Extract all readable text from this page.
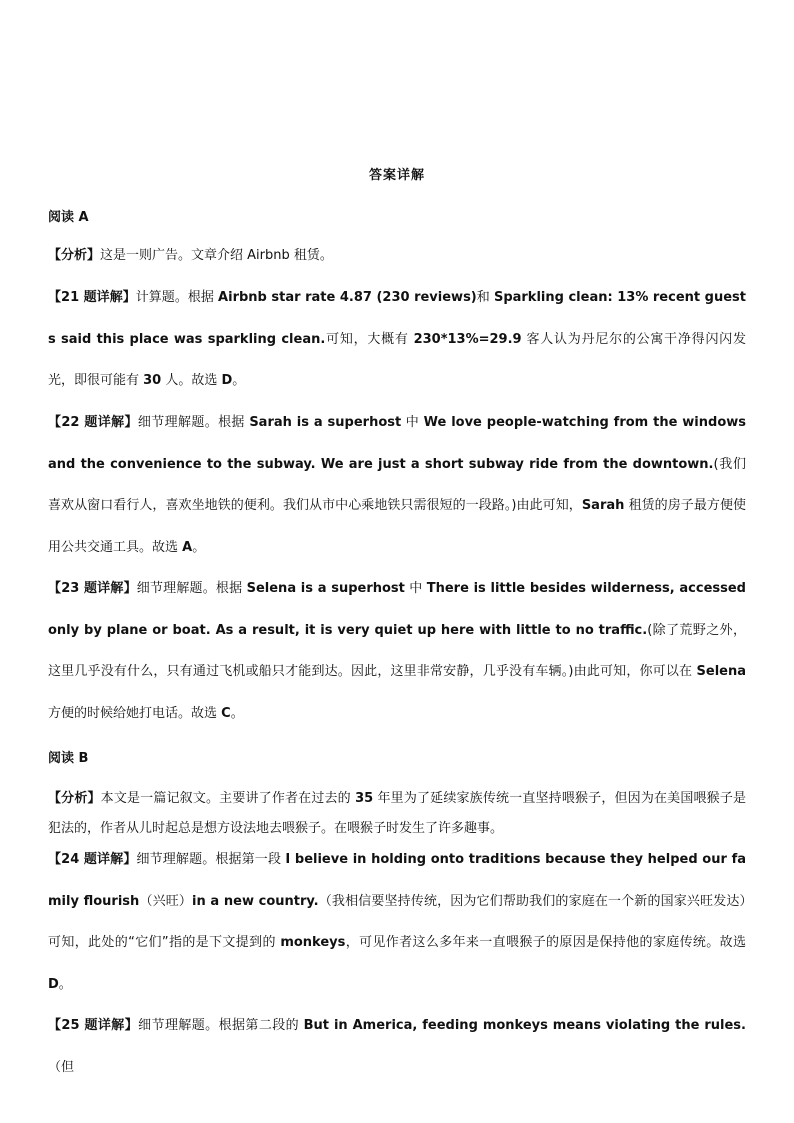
答案详解
阅读 A
【分析】这是一则广告。文章介绍 Airbnb 租赁。
【21 题详解】计算题。根据 Airbnb star rate 4.87 (230 reviews)和 Sparkling clean: 13% recent guests said this place was sparkling clean.可知，大概有 230*13%=29.9 客人认为丹尼尔的公寓干净得闪闪发光，即很可能有 30 人。故选 D。
【22 题详解】细节理解题。根据 Sarah is a superhost 中 We love people-watching from the windows and the convenience to the subway. We are just a short subway ride from the downtown.(我们喜欢从窗口看行人，喜欢坐地铁的便利。我们从市中心乘地铁只需很短的一段路。)由此可知，Sarah 租赁的房子最方便使用公共交通工具。故选 A。
【23 题详解】细节理解题。根据 Selena is a superhost 中 There is little besides wilderness, accessed only by plane or boat. As a result, it is very quiet up here with little to no traffic.(除了荒野之外，这里几乎没有什么，只有通过飞机或船只才能到达。因此，这里非常安静，几乎没有车辆。)由此可知，你可以在 Selena 方便的时候给她打电话。故选 C。
阅读 B
【分析】本文是一篇记叙文。主要讲了作者在过去的 35 年里为了延续家族传统一直坚持喂猴子，但因为在美国喂猴子是犯法的，作者从儿时起总是想方设法地去喂猴子。在喂猴子时发生了许多趣事。
【24 题详解】细节理解题。根据第一段 I believe in holding onto traditions because they helped our family flourish（兴旺）in a new country.（我相信要坚持传统，因为它们帮助我们的家庭在一个新的国家兴旺发达）可知，此处的“它们”指的是下文提到的 monkeys，可见作者这么多年来一直喂猴子的原因是保持他的家庭传统。故选 D。
【25 题详解】细节理解题。根据第二段的 But in America, feeding monkeys means violating the rules.（但
